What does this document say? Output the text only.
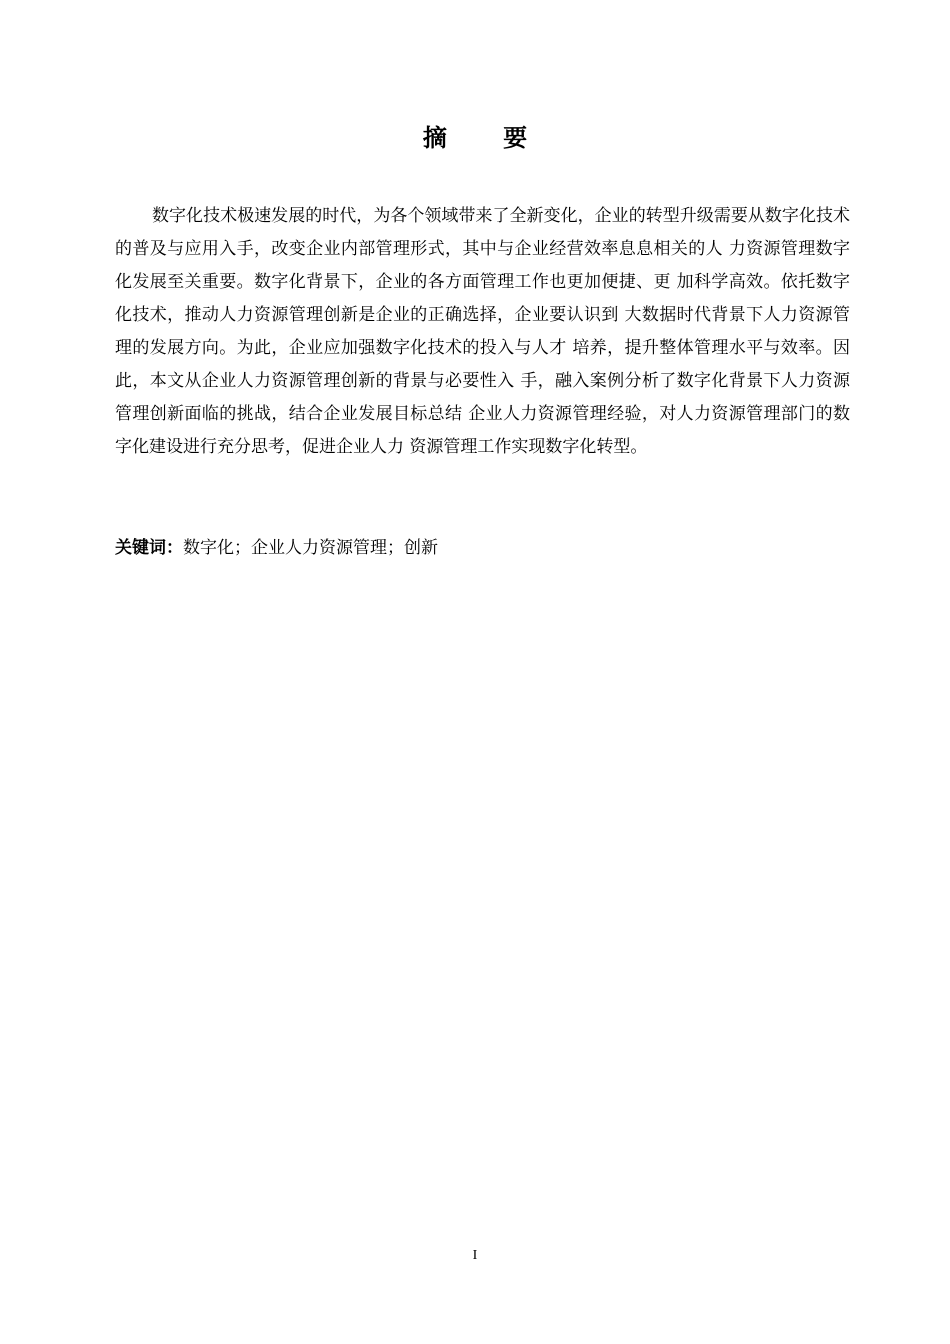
摘 要

数字化技术极速发展的时代，为各个领域带来了全新变化，企业的转型升级需要从数字化技术的普及与应用入手，改变企业内部管理形式，其中与企业经营效率息息相关的人 力资源管理数字化发展至关重要。数字化背景下，企业的各方面管理工作也更加便捷、更 加科学高效。依托数字化技术，推动人力资源管理创新是企业的正确选择，企业要认识到 大数据时代背景下人力资源管理的发展方向。为此，企业应加强数字化技术的投入与人才 培养，提升整体管理水平与效率。因此，本文从企业人力资源管理创新的背景与必要性入 手，融入案例分析了数字化背景下人力资源管理创新面临的挑战，结合企业发展目标总结 企业人力资源管理经验，对人力资源管理部门的数字化建设进行充分思考，促进企业人力 资源管理工作实现数字化转型。

关键词：数字化；企业人力资源管理；创新
I
